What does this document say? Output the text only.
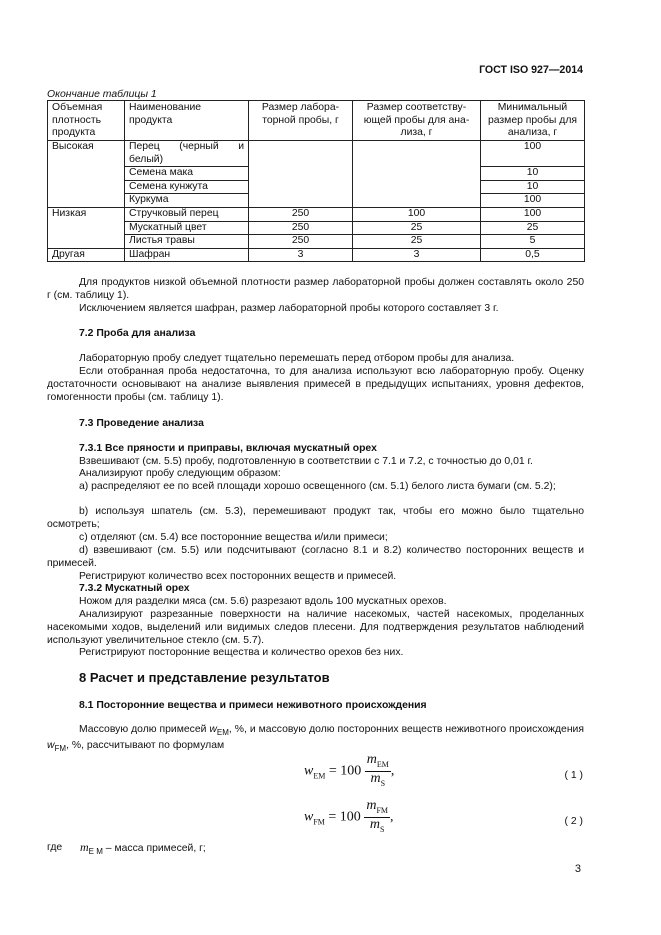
ГОСТ ISO 927—2014
Окончание таблицы 1
Объемная плотность продукта	Наименование продукта	Размер лабора-торной пробы, г	Размер соответству-ющей пробы для ана-лиза, г	Минимальный размер пробы для анализа, г
Высокая	Перец (черный и белый)			100
	Семена мака			10
	Семена кунжута			10
	Куркума			100
Низкая	Стручковый перец	250	100	100
	Мускатный цвет	250	25	25
	Листья травы	250	25	5
Другая	Шафран	3	3	0,5
Для продуктов низкой объемной плотности размер лабораторной пробы должен составлять около 250 г (см. таблицу 1).
Исключением является шафран, размер лабораторной пробы которого составляет 3 г.
7.2 Проба для анализа
Лабораторную пробу следует тщательно перемешать перед отбором пробы для анализа.
Если отобранная проба недостаточна, то для анализа используют всю лабораторную пробу. Оценку достаточности основывают на анализе выявления примесей в предыдущих испытаниях, уровня дефектов, гомогенности пробы (см. таблицу 1).
7.3 Проведение анализа
7.3.1 Все пряности и приправы, включая мускатный орех
Взвешивают (см. 5.5) пробу, подготовленную в соответствии с 7.1 и 7.2, с точностью до 0,01 г.
Анализируют пробу следующим образом:
а) распределяют ее по всей площади хорошо освещенного (см. 5.1) белого листа бумаги (см. 5.2);
b) используя шпатель (см. 5.3), перемешивают продукт так, чтобы его можно было тщательно осмотреть;
с) отделяют (см. 5.4) все посторонние вещества и/или примеси;
d) взвешивают (см. 5.5) или подсчитывают (согласно 8.1 и 8.2) количество посторонних веществ и примесей.
Регистрируют количество всех посторонних веществ и примесей.
7.3.2 Мускатный орех
Ножом для разделки мяса (см. 5.6) разрезают вдоль 100 мускатных орехов.
Анализируют разрезанные поверхности на наличие насекомых, частей насекомых, проделанных насекомыми ходов, выделений или видимых следов плесени. Для подтверждения результатов наблюдений используют увеличительное стекло (см. 5.7).
Регистрируют посторонние вещества и количество орехов без них.
8 Расчет и представление результатов
8.1 Посторонние вещества и примеси неживотного происхождения
Массовую долю примесей $w_{EM}$, %, и массовую долю посторонних веществ неживотного происхождения $w_{FM}$, %, рассчитывают по формулам
$w_{EM} = 100 \frac{m_{EM}}{m_S}$ ,	( 1 )
$w_{FM} = 100 \frac{m_{FM}}{m_S}$ ,	( 2 )
где $m_{E M}$ – масса примесей, г;
3
